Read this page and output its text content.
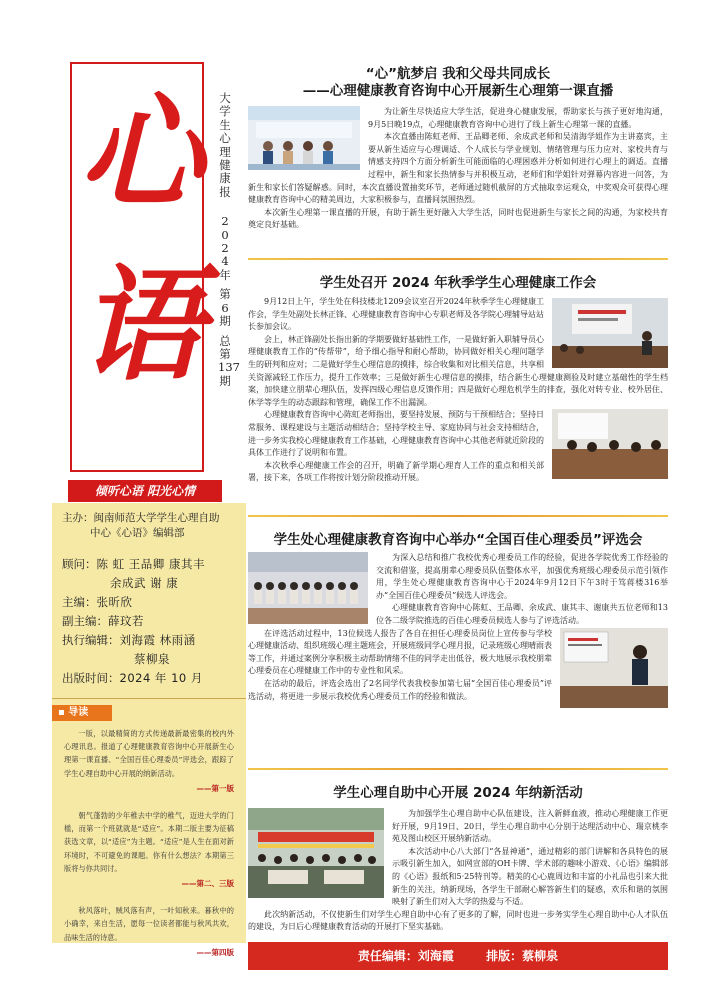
心
语
大
学
生
心
理
健
康
报
2
0
2
4
年
第
6
期
总
第
137
期
倾听心语 阳光心情
主办：闽南师范大学学生心理自助
中心《心语》编辑部
顾问： 陈 虹 王品卿 康其丰
余成武 谢 康
主编： 张昕欣
副主编： 薛玟若
执行编辑： 刘海霞 林雨涵
蔡柳泉
出版时间： 2024 年 10 月
▪ 导读

一版，以最精简的方式传递最新最密集的校内外心理讯息。报道了心理健康教育咨询中心开展新生心理第一课直播、“全国百佳心理委员”评选会，跟踪了学生心理自助中心开展的纳新活动。

——第一版

朝气蓬勃的少年稚去中学的稚气，迈进大学的门槛，而第一个班就就是“适应”。本期二版主要为征稿获选文章，以“适应”为主题。“适应”是人生在面对新环境时，不可避免的课题。你有什么想法？本期第三版将与你共同讨。

——第二、三版

秋风落叶，贼风落有声，一叶知秋来。暮秋中的小确幸，来自生活，愿每一位读者都能与秋风共欢，品味生活的诗意。

——第四版
“心”航梦启 我和父母共同成长
——心理健康教育咨询中心开展新生心理第一课直播

为让新生尽快适应大学生活，促进身心健康发展，帮助家长与孩子更好地沟通，9月5日晚19点，心理健康教育咨询中心进行了线上新生心理第一课的直播。

本次直播由陈虹老师、王品卿老师、余成武老师和吴清海学姐作为主讲嘉宾，主要从新生适应与心理调适、个人成长与学业规划、情绪管理与压力应对、家校共育与情感支持四个方面分析新生可能面临的心理困惑并分析如何进行心理上的调适。直播过程中，新生和家长热情参与并积极互动，老师们和学姐针对弹幕内容进一问答，为新生和家长们答疑解惑。同时，本次直播设置抽奖环节，老师通过随机截屏的方式抽取幸运观众，中奖观众可获得心理健康教育咨询中心的精美周边，大家积极参与，直播间氛围热烈。

本次新生心理第一课直播的开展，有助于新生更好融入大学生活，同时也促进新生与家长之间的沟通，为家校共育奠定良好基础。

学生处召开 2024 年秋季学生心理健康工作会

9月12日上午，学生处在科技楼北1209会议室召开2024年秋季学生心理健康工作会，学生处副处长林正锋、心理健康教育咨询中心专职老师及各学院心理辅导站站长参加会议。

会上，林正锋副处长指出新的学期要做好基础性工作，一是做好新入职辅导员心理健康教育工作的“传帮带”，给予细心指导和耐心帮助，协同做好相关心理问题学生的研判和应对；二是做好学生心理信息的摸排，综合收集和对比相关信息，共享相关资源减轻工作压力，提升工作效率；三是做好新生心理信息的摸排，结合新生心理健康测验及时建立基础性的学生档案，加快建立朋辈心理队伍，发挥四级心理信息反馈作用；四是做好心理危机学生的排查，强化对转专业、校外居住、休学等学生的动态跟踪和管理，确保工作不出漏洞。

心理健康教育咨询中心陈虹老师指出，要坚持发展、预防与干预相结合；坚持日常服务、课程建设与主题活动相结合；坚持学校主导、家庭协同与社会支持相结合，进一步务实我校心理健康教育工作基础，心理健康教育咨询中心其他老师就近阶段的具体工作进行了说明和布置。

本次秋季心理健康工作会的召开，明确了新学期心理育人工作的重点和相关部署，接下来，各项工作将按计划分阶段推动开展。

学生处心理健康教育咨询中心举办“全国百佳心理委员”评选会

为深入总结和推广我校优秀心理委员工作的经验，促进各学院优秀工作经验的交流和借鉴，提高朋辈心理委员队伍整体水平，加强优秀班级心理委员示范引领作用，学生处心理健康教育咨询中心于2024年9月12日下午3时于笃蒋楼316举办“全国百佳心理委员”候选人评选会。

心理健康教育咨询中心陈虹、王品卿、余成武、康其丰、谢康共五位老师和13位各二级学院推选的百佳心理委员候选人参与了评选活动。

在评选活动过程中，13位候选人报告了各自在担任心理委员岗位上宣传参与学校心理健康活动、组织班级心理主题班会，开展班级同学心理月报，记录班级心理晴雨表等工作，并通过案例分享积极主动帮助情绪不佳的同学走出低谷，极大地展示我校朋辈心理委员在心理健康工作中的专业性和风采。

在活动的最后，评选会选出了2名同学代表我校参加第七届“全国百佳心理委员”评选活动，将更进一步展示我校优秀心理委员工作的经验和做法。

学生心理自助中心开展 2024 年纳新活动

为加强学生心理自助中心队伍建设，注入新鲜血液，推动心理健康工作更好开展，9月19日、20日，学生心理自助中心分别于达理活动中心、瑞京桃李苑及图山校区开展纳新活动。

本次活动中心八大部门“各显神通”，通过精彩的部门讲解和各具特色的展示吸引新生加入，如网宣部的OH卡牌、学术部的趣味小游戏、《心语》编辑部的《心语》报纸和5·25特刊等。精美的心心鹿周边和丰富的小礼品也引来大批新生的关注，纳新现场，各学生干部耐心解答新生们的疑惑，欢乐和谐的氛围映射了新生们对入大学的热爱与不适。

此次纳新活动，不仅使新生们对学生心理自助中心有了更多的了解，同时也进一步务实学生心理自助中心人才队伍的建设，为日后心理健康教育活动的开展打下坚实基础。

责任编辑：刘海霞	排版：蔡柳泉
